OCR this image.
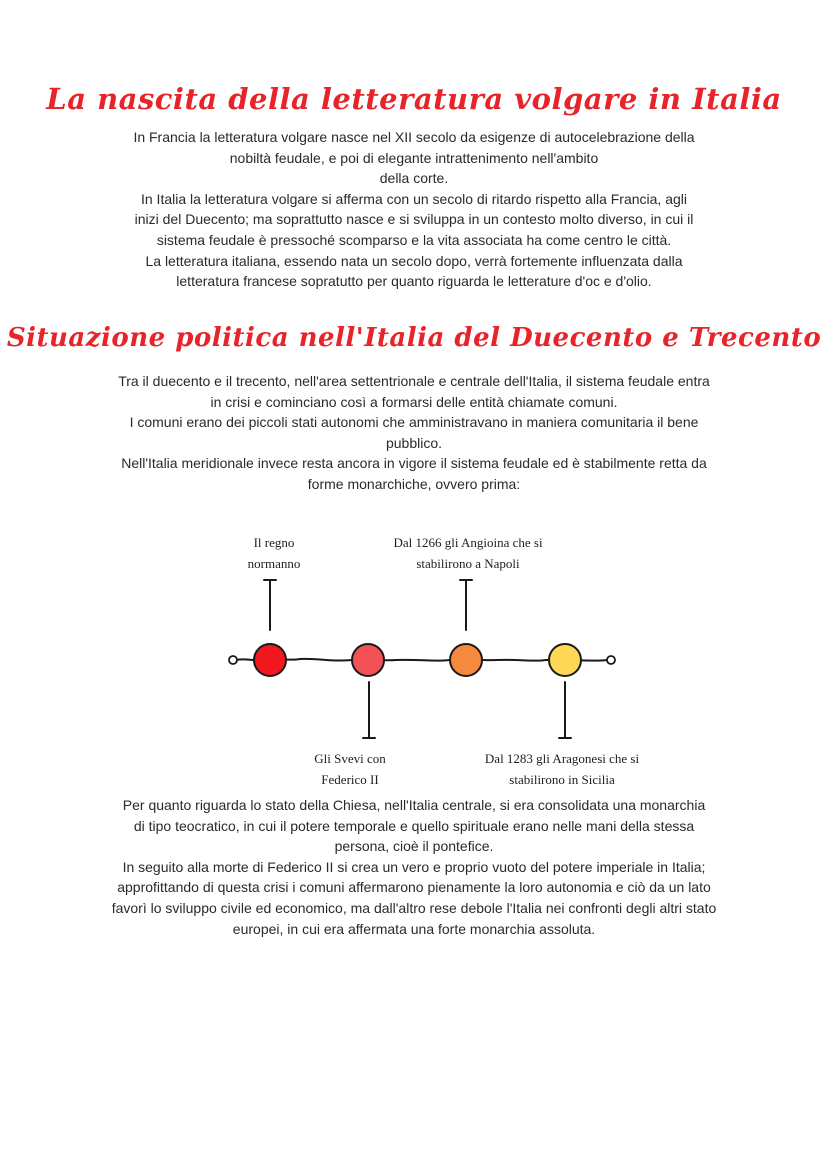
La nascita della letteratura volgare in Italia

In Francia la letteratura volgare nasce nel XII secolo da esigenze di autocelebrazione della

nobiltà feudale, e poi di elegante intrattenimento nell'ambito

della corte.

In Italia la letteratura volgare si afferma con un secolo di ritardo rispetto alla Francia, agli

inizi del Duecento; ma soprattutto nasce e si sviluppa in un contesto molto diverso, in cui il

sistema feudale è pressoché scomparso e la vita associata ha come centro le città.

La letteratura italiana, essendo nata un secolo dopo, verrà fortemente influenzata dalla

letteratura francese sopratutto per quanto riguarda le letterature d'oc e d'olio.

Situazione politica nell'Italia del Duecento e Trecento

Tra il duecento e il trecento, nell'area settentrionale e centrale dell'Italia, il sistema feudale entra

in crisi e cominciano così a formarsi delle entità chiamate comuni.

I comuni erano dei piccoli stati autonomi che amministravano in maniera comunitaria il bene

pubblico.

Nell'Italia meridionale invece resta ancora in vigore il sistema feudale ed è stabilmente retta da

forme monarchiche, ovvero prima:

Il regno
normanno
Dal 1266 gli Angioina che si
stabilirono a Napoli
Gli Svevi con
Federico II
Dal 1283 gli Aragonesi che si
stabilirono in Sicilia

Per quanto riguarda lo stato della Chiesa, nell'Italia centrale, si era consolidata una monarchia

di tipo teocratico, in cui il potere temporale e quello spirituale erano nelle mani della stessa

persona, cioè il pontefice.

In seguito alla morte di Federico II si crea un vero e proprio vuoto del potere imperiale in Italia;

approfittando di questa crisi i comuni affermarono pienamente la loro autonomia e ciò da un lato

favorì lo sviluppo civile ed economico, ma dall'altro rese debole l'Italia nei confronti degli altri stato

europei, in cui era affermata una forte monarchia assoluta.
